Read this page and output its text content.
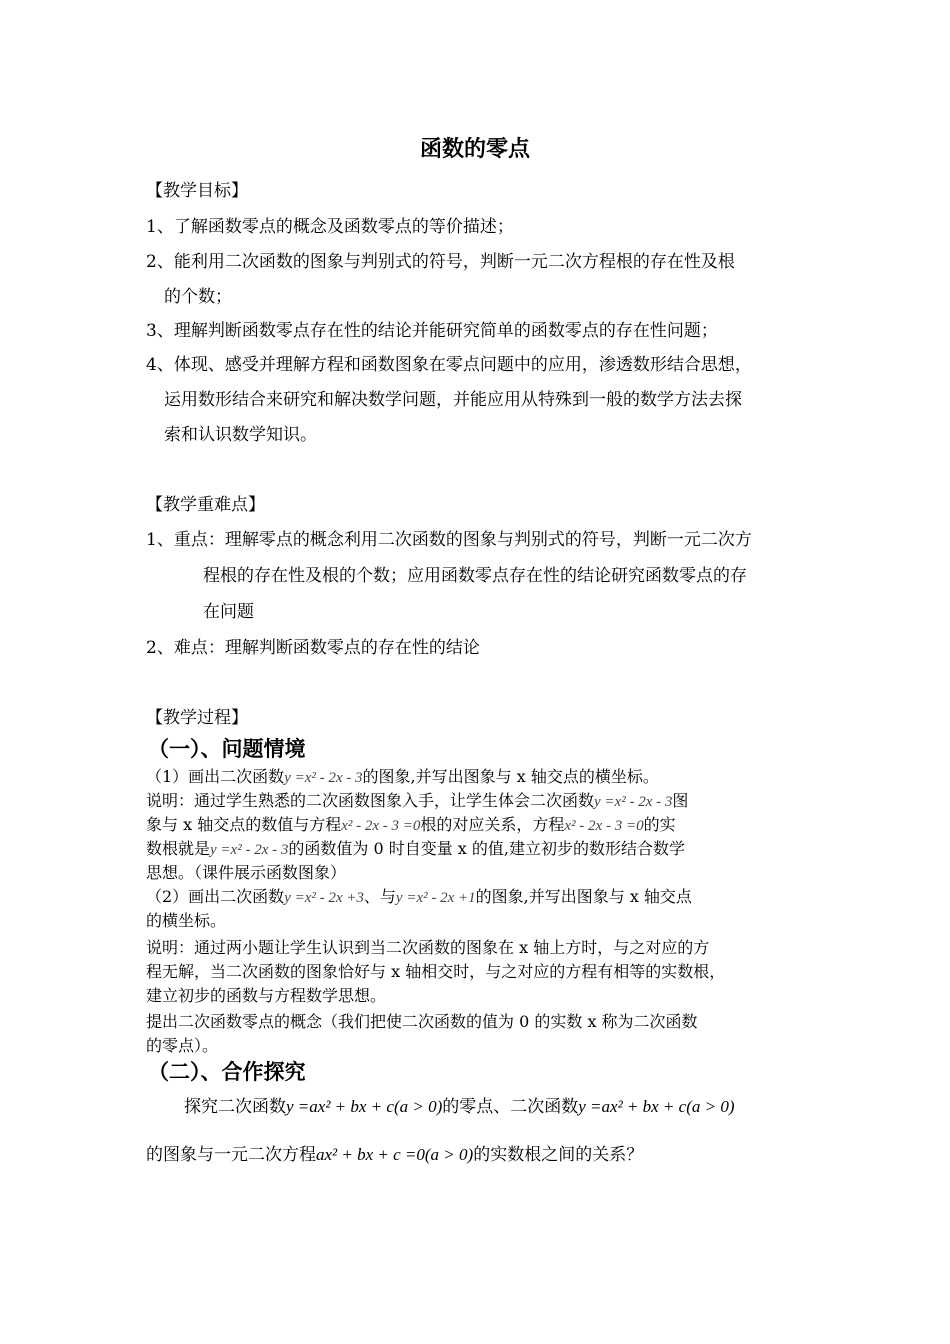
函数的零点
【教学目标】
1、了解函数零点的概念及函数零点的等价描述；
2、能利用二次函数的图象与判别式的符号，判断一元二次方程根的存在性及根
的个数；
3、理解判断函数零点存在性的结论并能研究简单的函数零点的存在性问题；
4、体现、感受并理解方程和函数图象在零点问题中的应用，渗透数形结合思想，
运用数形结合来研究和解决数学问题，并能应用从特殊到一般的数学方法去探
索和认识数学知识。
【教学重难点】
1、重点：理解零点的概念利用二次函数的图象与判别式的符号，判断一元二次方
程根的存在性及根的个数；应用函数零点存在性的结论研究函数零点的存
在问题
2、难点：理解判断函数零点的存在性的结论
【教学过程】
（一）、问题情境
（1）画出二次函数y =x² - 2x - 3的图象,并写出图象与 x 轴交点的横坐标。
说明：通过学生熟悉的二次函数图象入手，让学生体会二次函数y =x² - 2x - 3图
象与 x 轴交点的数值与方程x² - 2x - 3 =0根的对应关系，方程x² - 2x - 3 =0的实
数根就是y =x² - 2x - 3的函数值为 0 时自变量 x 的值,建立初步的数形结合数学
思想。（课件展示函数图象）
（2）画出二次函数y =x² - 2x +3、与y =x² - 2x +1的图象,并写出图象与 x 轴交点
的横坐标。
说明：通过两小题让学生认识到当二次函数的图象在 x 轴上方时，与之对应的方
程无解，当二次函数的图象恰好与 x 轴相交时，与之对应的方程有相等的实数根，
建立初步的函数与方程数学思想。
提出二次函数零点的概念（我们把使二次函数的值为 0 的实数 x 称为二次函数
的零点）。
（二）、合作探究
探究二次函数y =ax² + bx + c(a > 0)的零点、二次函数y =ax² + bx + c(a > 0)
的图象与一元二次方程ax² + bx + c =0(a > 0)的实数根之间的关系？
